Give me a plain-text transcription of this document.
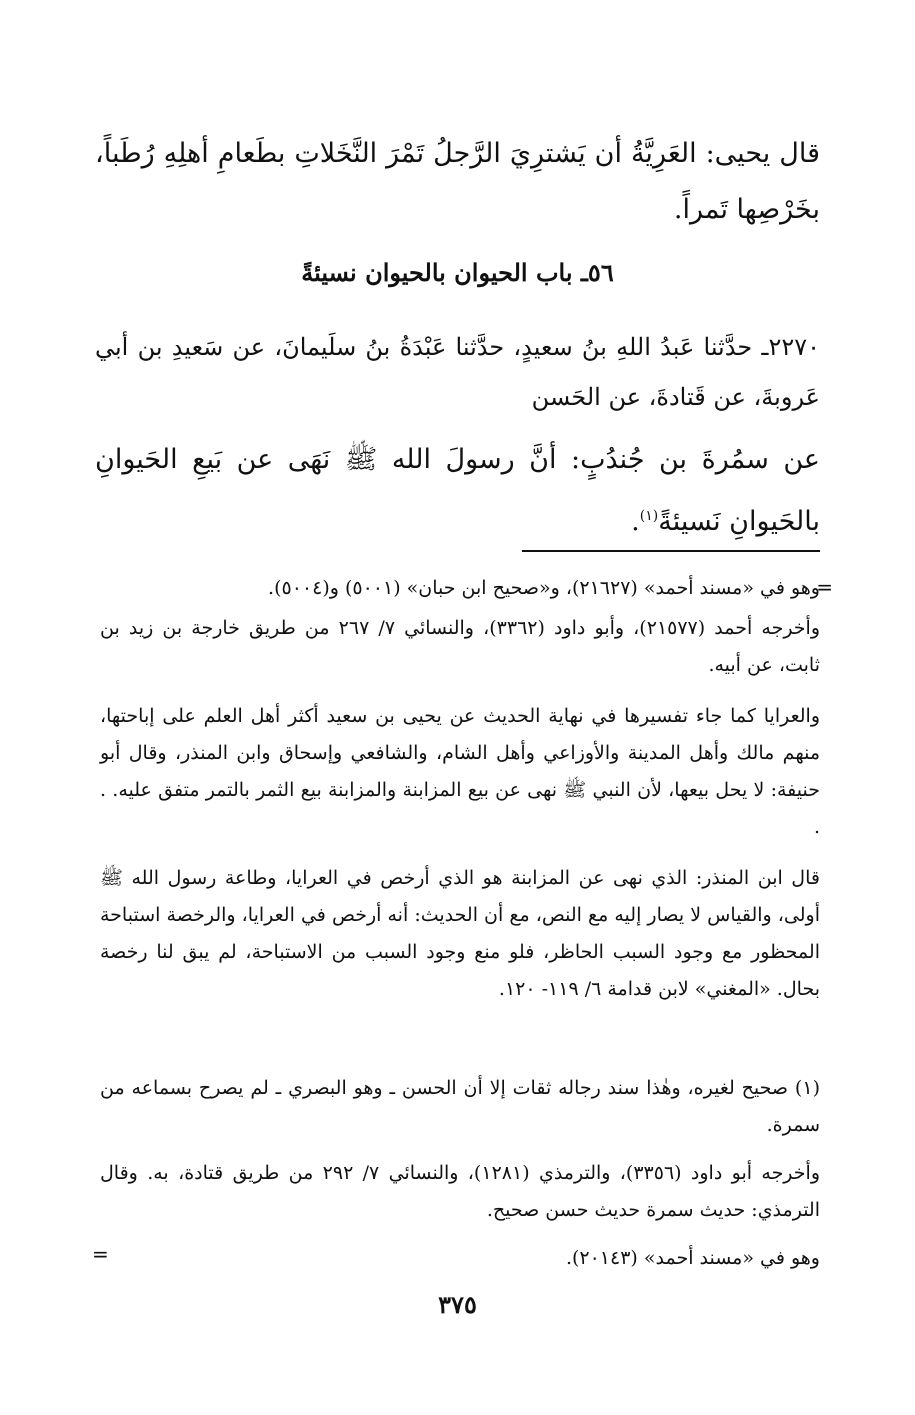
قال يحيى: العَرِيَّةُ أن يَشترِيَ الرَّجلُ تَمْرَ النَّخَلاتِ بطَعامِ أهلِهِ رُطَباً، بخَرْصِها تَمراً.
٥٦ـ باب الحيوان بالحيوان نسيئةً
٢٢٧٠ـ حدَّثنا عَبدُ اللهِ بنُ سعيدٍ، حدَّثنا عَبْدَةُ بنُ سلَيمانَ، عن سَعيدِ بن أبي عَروبةَ، عن قَتادةَ، عن الحَسن
عن سمُرةَ بن جُندُبٍ: أنَّ رسولَ الله ﷺ نَهَى عن بَيعِ الحَيوانِ بالحَيوانِ نَسيئةً$^{(١)}$.
=
وهو في «مسند أحمد» (٢١٦٢٧)، و«صحيح ابن حبان» (٥٠٠١) و(٥٠٠٤).
وأخرجه أحمد (٢١٥٧٧)، وأبو داود (٣٣٦٢)، والنسائي ٧/ ٢٦٧ من طريق خارجة بن زيد بن ثابت، عن أبيه.
والعرايا كما جاء تفسيرها في نهاية الحديث عن يحيى بن سعيد أكثر أهل العلم على إباحتها، منهم مالك وأهل المدينة والأوزاعي وأهل الشام، والشافعي وإسحاق وابن المنذر، وقال أبو حنيفة: لا يحل بيعها، لأن النبي ﷺ نهى عن بيع المزابنة والمزابنة بيع الثمر بالتمر متفق عليه. . .
قال ابن المنذر: الذي نهى عن المزابنة هو الذي أرخص في العرايا، وطاعة رسول الله ﷺ أولى، والقياس لا يصار إليه مع النص، مع أن الحديث: أنه أرخص في العرايا، والرخصة استباحة المحظور مع وجود السبب الحاظر، فلو منع وجود السبب من الاستباحة، لم يبق لنا رخصة بحال. «المغني» لابن قدامة ٦/ ١١٩- ١٢٠.
(١) صحيح لغيره، وهٰذا سند رجاله ثقات إلا أن الحسن ـ وهو البصري ـ لم يصرح بسماعه من سمرة.
وأخرجه أبو داود (٣٣٥٦)، والترمذي (١٢٨١)، والنسائي ٧/ ٢٩٢ من طريق قتادة، به. وقال الترمذي: حديث سمرة حديث حسن صحيح.
وهو في «مسند أحمد» (٢٠١٤٣).
=
٣٧٥
